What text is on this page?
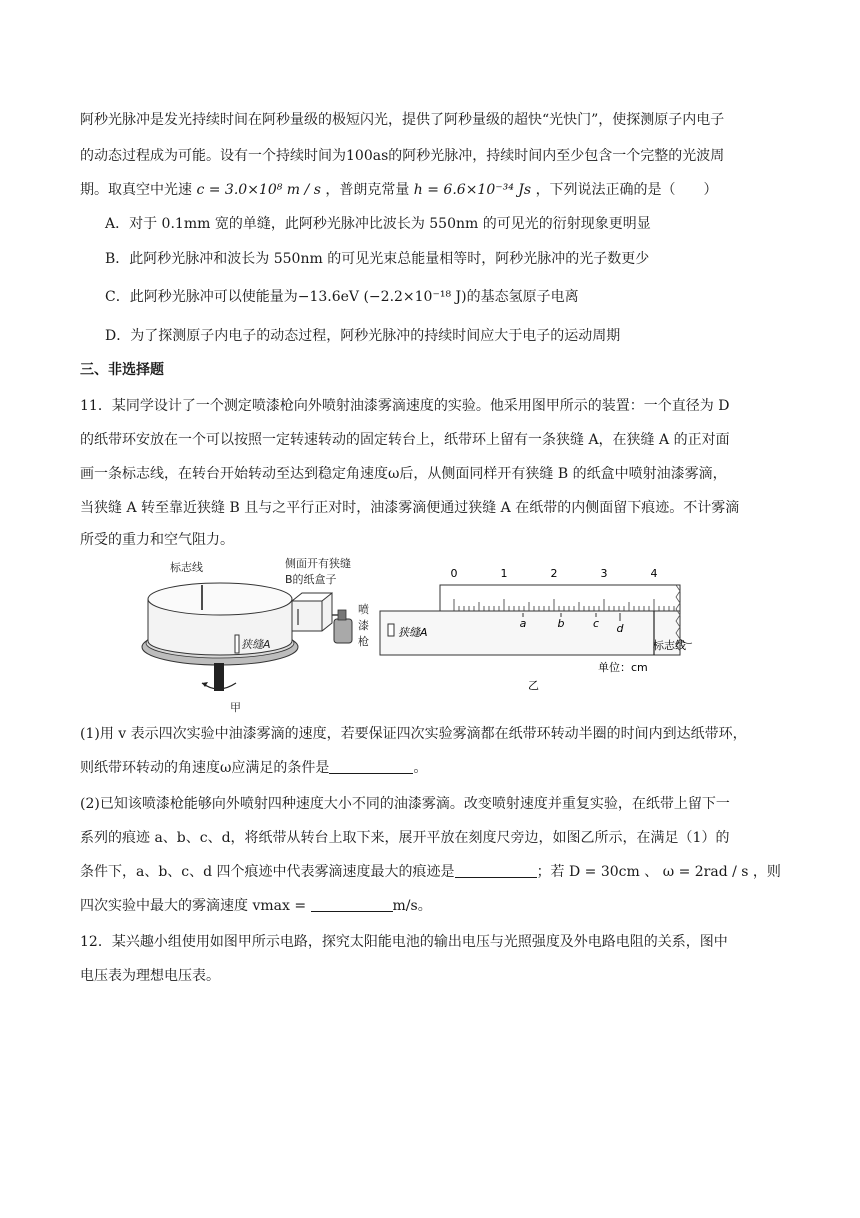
阿秒光脉冲是发光持续时间在阿秒量级的极短闪光，提供了阿秒量级的超快“光快门”，使探测原子内电子
的动态过程成为可能。设有一个持续时间为100as的阿秒光脉冲，持续时间内至少包含一个完整的光波周
期。取真空中光速 c = 3.0×10⁸ m / s ，普朗克常量 h = 6.6×10⁻³⁴ Js ，下列说法正确的是（　　）
A．对于 0.1mm 宽的单缝，此阿秒光脉冲比波长为 550nm 的可见光的衍射现象更明显
B．此阿秒光脉冲和波长为 550nm 的可见光束总能量相等时，阿秒光脉冲的光子数更少
C．此阿秒光脉冲可以使能量为−13.6eV (−2.2×10⁻¹⁸ J)的基态氢原子电离
D．为了探测原子内电子的动态过程，阿秒光脉冲的持续时间应大于电子的运动周期
三、非选择题
11．某同学设计了一个测定喷漆枪向外喷射油漆雾滴速度的实验。他采用图甲所示的装置：一个直径为 D
的纸带环安放在一个可以按照一定转速转动的固定转台上，纸带环上留有一条狭缝 A，在狭缝 A 的正对面
画一条标志线，在转台开始转动至达到稳定角速度ω后，从侧面同样开有狭缝 B 的纸盒中喷射油漆雾滴，
当狭缝 A 转至靠近狭缝 B 且与之平行正对时，油漆雾滴便通过狭缝 A 在纸带的内侧面留下痕迹。不计雾滴
所受的重力和空气阻力。
标志线	侧面开有狭缝
B的纸盒子
喷
漆
枪
狭缝A
甲
0	1	2	3	4
狭缝A
a	b	c d
标志线
单位：cm
乙
(1)用 v 表示四次实验中油漆雾滴的速度，若要保证四次实验雾滴都在纸带环转动半圈的时间内到达纸带环，
则纸带环转动的角速度ω应满足的条件是	。
(2)已知该喷漆枪能够向外喷射四种速度大小不同的油漆雾滴。改变喷射速度并重复实验，在纸带上留下一
系列的痕迹 a、b、c、d，将纸带从转台上取下来，展开平放在刻度尺旁边，如图乙所示，在满足（1）的
条件下，a、b、c、d 四个痕迹中代表雾滴速度最大的痕迹是	；若 D = 30cm 、 ω = 2rad / s ，则
四次实验中最大的雾滴速度 vmax =	m/s。
12．某兴趣小组使用如图甲所示电路，探究太阳能电池的输出电压与光照强度及外电路电阻的关系，图中
电压表为理想电压表。
